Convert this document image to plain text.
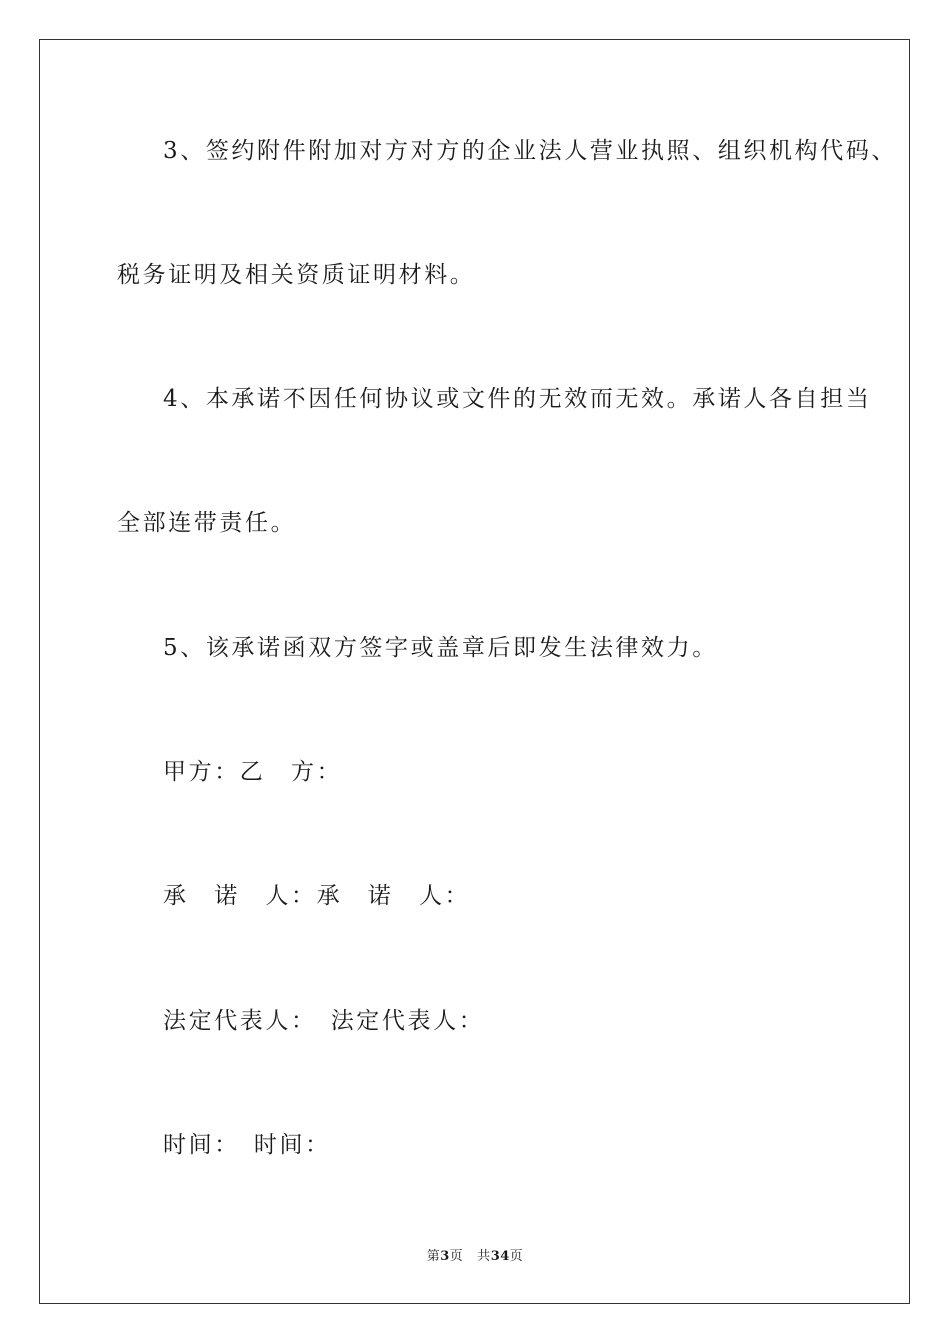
3、签约附件附加对方对方的企业法人营业执照、组织机构代码、
税务证明及相关资质证明材料。
4、本承诺不因任何协议或文件的无效而无效。承诺人各自担当
全部连带责任。
5、该承诺函双方签字或盖章后即发生法律效力。
甲方：乙　方：
承　诺　人：承　诺　人：
法定代表人：　法定代表人：
时间：　时间：
第3页 共34页
